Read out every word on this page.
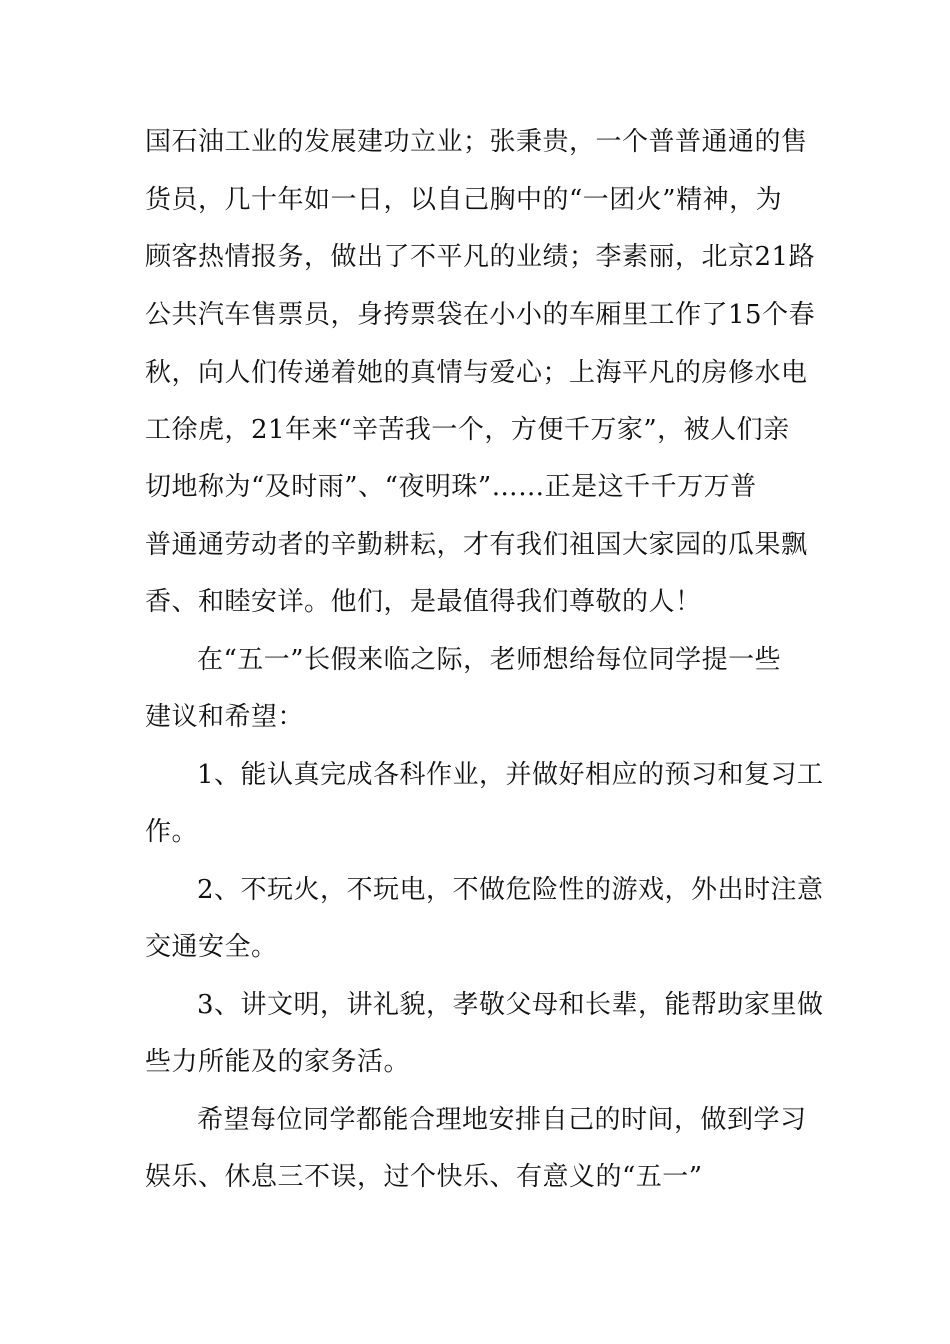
国石油工业的发展建功立业；张秉贵，一个普普通通的售
货员，几十年如一日，以自己胸中的“一团火”精神，为
顾客热情报务，做出了不平凡的业绩；李素丽，北京21路
公共汽车售票员，身挎票袋在小小的车厢里工作了15个春
秋，向人们传递着她的真情与爱心；上海平凡的房修水电
工徐虎，21年来“辛苦我一个，方便千万家”，被人们亲
切地称为“及时雨”、“夜明珠”……正是这千千万万普
普通通劳动者的辛勤耕耘，才有我们祖国大家园的瓜果飘
香、和睦安详。他们，是最值得我们尊敬的人！
在“五一”长假来临之际，老师想给每位同学提一些
建议和希望：
1、能认真完成各科作业，并做好相应的预习和复习工
作。
2、不玩火，不玩电，不做危险性的游戏，外出时注意
交通安全。
3、讲文明，讲礼貌，孝敬父母和长辈，能帮助家里做
些力所能及的家务活。
希望每位同学都能合理地安排自己的时间，做到学习
娱乐、休息三不误，过个快乐、有意义的“五一”
